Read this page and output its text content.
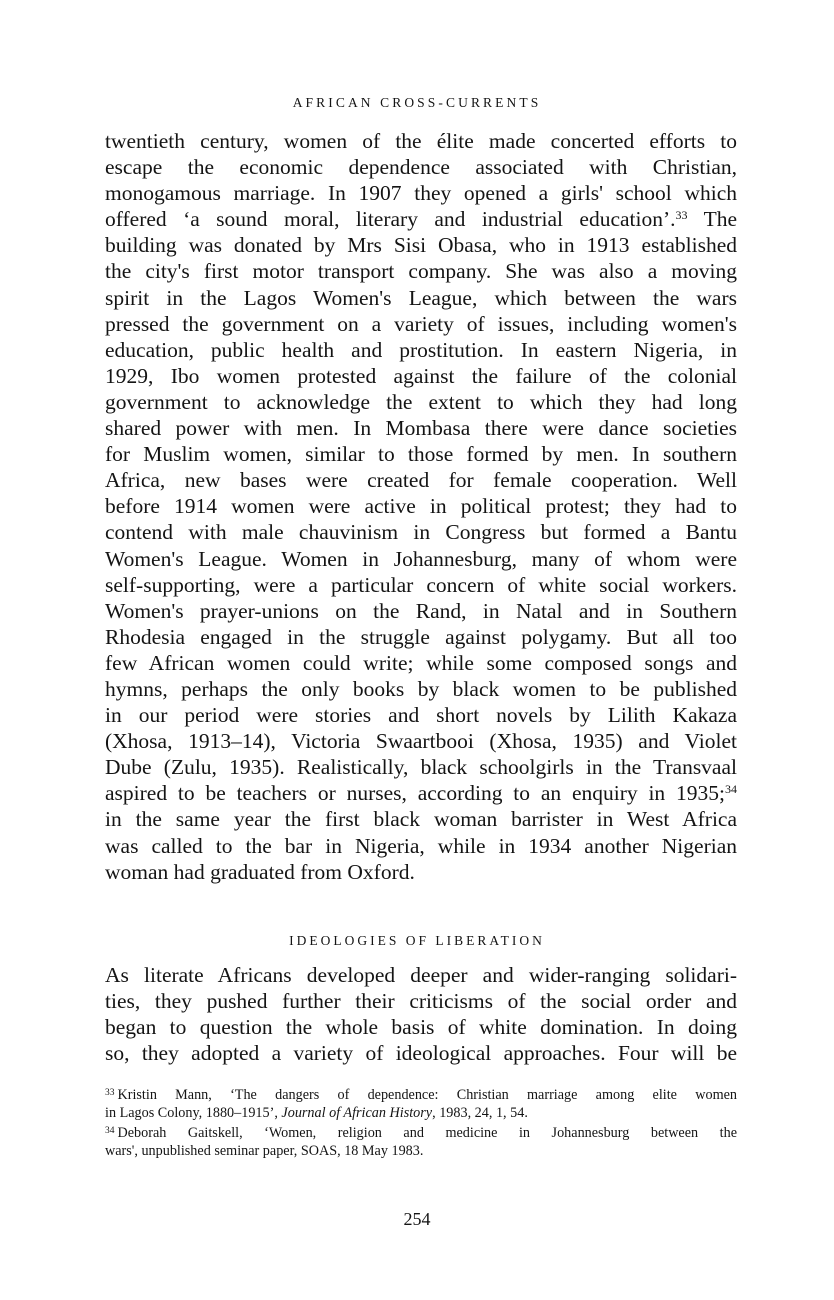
AFRICAN CROSS-CURRENTS
twentieth century, women of the élite made concerted efforts to
escape the economic dependence associated with Christian,
monogamous marriage. In 1907 they opened a girls' school which
offered ‘a sound moral, literary and industrial education’.$^{33}$ The
building was donated by Mrs Sisi Obasa, who in 1913 established
the city's first motor transport company. She was also a moving
spirit in the Lagos Women's League, which between the wars
pressed the government on a variety of issues, including women's
education, public health and prostitution. In eastern Nigeria, in
1929, Ibo women protested against the failure of the colonial
government to acknowledge the extent to which they had long
shared power with men. In Mombasa there were dance societies
for Muslim women, similar to those formed by men. In southern
Africa, new bases were created for female cooperation. Well
before 1914 women were active in political protest; they had to
contend with male chauvinism in Congress but formed a Bantu
Women's League. Women in Johannesburg, many of whom were
self-supporting, were a particular concern of white social workers.
Women's prayer-unions on the Rand, in Natal and in Southern
Rhodesia engaged in the struggle against polygamy. But all too
few African women could write; while some composed songs and
hymns, perhaps the only books by black women to be published
in our period were stories and short novels by Lilith Kakaza
(Xhosa, 1913–14), Victoria Swaartbooi (Xhosa, 1935) and Violet
Dube (Zulu, 1935). Realistically, black schoolgirls in the Transvaal
aspired to be teachers or nurses, according to an enquiry in 1935;$^{34}$
in the same year the first black woman barrister in West Africa
was called to the bar in Nigeria, while in 1934 another Nigerian
woman had graduated from Oxford.
IDEOLOGIES OF LIBERATION
As literate Africans developed deeper and wider-ranging solidari-
ties, they pushed further their criticisms of the social order and
began to question the whole basis of white domination. In doing
so, they adopted a variety of ideological approaches. Four will be
$^{33}$ Kristin Mann, ‘The dangers of dependence: Christian marriage among elite women
in Lagos Colony, 1880–1915’, Journal of African History, 1983, 24, 1, 54.
$^{34}$ Deborah Gaitskell, ‘Women, religion and medicine in Johannesburg between the
wars', unpublished seminar paper, SOAS, 18 May 1983.
254
